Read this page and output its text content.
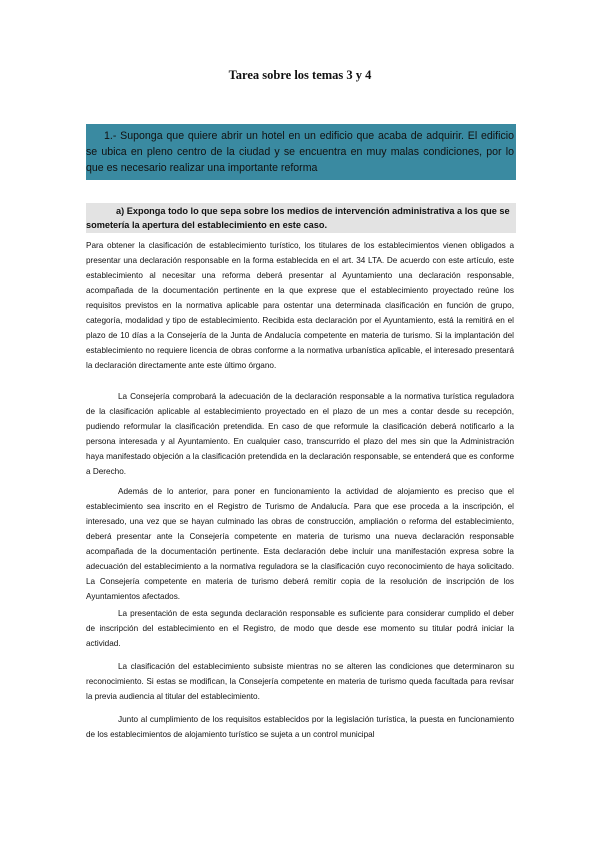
Tarea sobre los temas 3 y 4
1.- Suponga que quiere abrir un hotel en un edificio que acaba de adquirir. El edificio se ubica en pleno centro de la ciudad y se encuentra en muy malas condiciones, por lo que es necesario realizar una importante reforma
a) Exponga todo lo que sepa sobre los medios de intervención administrativa a los que se sometería la apertura del establecimiento en este caso.
Para obtener la clasificación de establecimiento turístico, los titulares de los establecimientos vienen obligados a presentar una declaración responsable en la forma establecida en el art. 34 LTA. De acuerdo con este artículo, este establecimiento al necesitar una reforma deberá presentar al Ayuntamiento una declaración responsable, acompañada de la documentación pertinente en la que exprese que el establecimiento proyectado reúne los requisitos previstos en la normativa aplicable para ostentar una determinada clasificación en función de grupo, categoría, modalidad y tipo de establecimiento. Recibida esta declaración por el Ayuntamiento, está la remitirá en el plazo de 10 días a la Consejería de la Junta de Andalucía competente en materia de turismo. Si la implantación del establecimiento no requiere licencia de obras conforme a la normativa urbanística aplicable, el interesado presentará la declaración directamente ante este último órgano.
La Consejería comprobará la adecuación de la declaración responsable a la normativa turística reguladora de la clasificación aplicable al establecimiento proyectado en el plazo de un mes a contar desde su recepción, pudiendo reformular la clasificación pretendida. En caso de que reformule la clasificación deberá notificarlo a la persona interesada y al Ayuntamiento. En cualquier caso, transcurrido el plazo del mes sin que la Administración haya manifestado objeción a la clasificación pretendida en la declaración responsable, se entenderá que es conforme a Derecho.
Además de lo anterior, para poner en funcionamiento la actividad de alojamiento es preciso que el establecimiento sea inscrito en el Registro de Turismo de Andalucía. Para que ese proceda a la inscripción, el interesado, una vez que se hayan culminado las obras de construcción, ampliación o reforma del establecimiento, deberá presentar ante la Consejería competente en materia de turismo una nueva declaración responsable acompañada de la documentación pertinente. Esta declaración debe incluir una manifestación expresa sobre la adecuación del establecimiento a la normativa reguladora se la clasificación cuyo reconocimiento de haya solicitado. La Consejería competente en materia de turismo deberá remitir copia de la resolución de inscripción de los Ayuntamientos afectados.
La presentación de esta segunda declaración responsable es suficiente para considerar cumplido el deber de inscripción del establecimiento en el Registro, de modo que desde ese momento su titular podrá iniciar la actividad.
La clasificación del establecimiento subsiste mientras no se alteren las condiciones que determinaron su reconocimiento. Si estas se modifican, la Consejería competente en materia de turismo queda facultada para revisar la previa audiencia al titular del establecimiento.
Junto al cumplimiento de los requisitos establecidos por la legislación turística, la puesta en funcionamiento de los establecimientos de alojamiento turístico se sujeta a un control municipal
